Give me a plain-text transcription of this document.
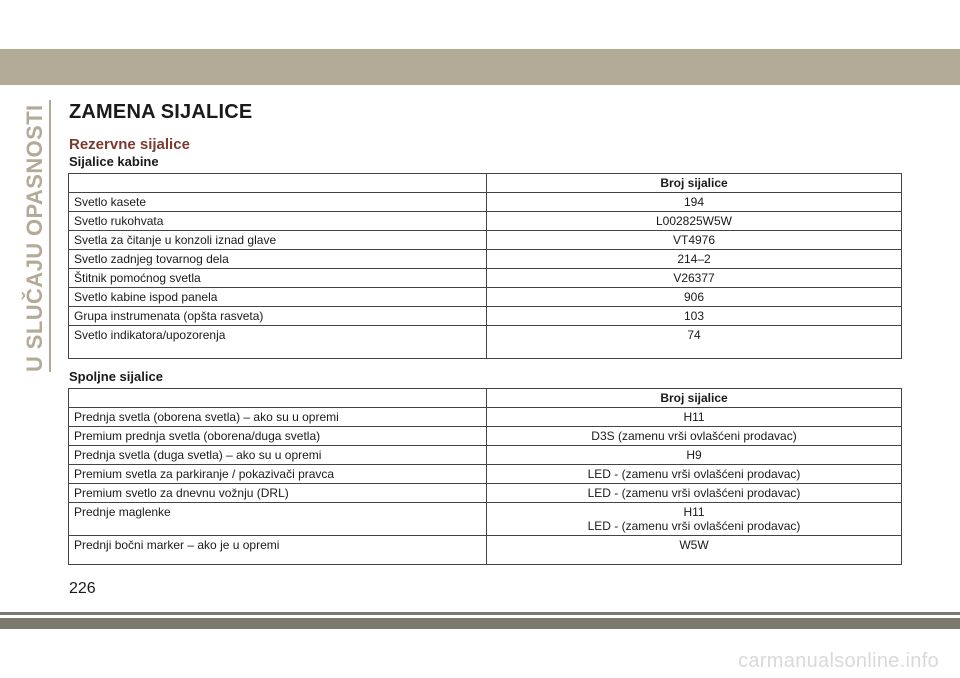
U SLUČAJU OPASNOSTI ZAMENA SIJALICE
Rezervne sijalice
Sijalice kabine
	Broj sijalice
Svetlo kasete	194
Svetlo rukohvata	L002825W5W
Svetla za čitanje u konzoli iznad glave	VT4976
Svetlo zadnjeg tovarnog dela	214–2
Štitnik pomoćnog svetla	V26377
Svetlo kabine ispod panela	906
Grupa instrumenata (opšta rasveta)	103
Svetlo indikatora/upozorenja	74
Spoljne sijalice
	Broj sijalice
Prednja svetla (oborena svetla) – ako su u opremi	H11
Premium prednja svetla (oborena/duga svetla)	D3S (zamenu vrši ovlašćeni prodavac)
Prednja svetla (duga svetla) – ako su u opremi	H9
Premium svetla za parkiranje / pokazivači pravca	LED - (zamenu vrši ovlašćeni prodavac)
Premium svetlo za dnevnu vožnju (DRL)	LED - (zamenu vrši ovlašćeni prodavac)
Prednje maglenke	H11
LED - (zamenu vrši ovlašćeni prodavac)

Prednji bočni marker – ako je u opremi	W5W
226
carmanualsonline.info
